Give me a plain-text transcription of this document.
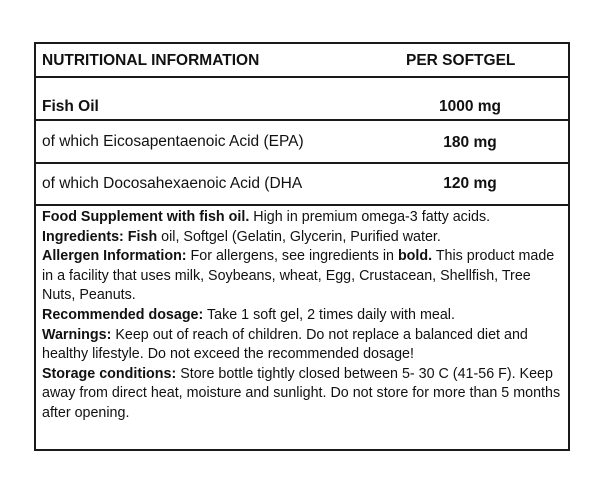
NUTRITIONAL INFORMATION	PER SOFTGEL
Fish Oil	1000 mg
of which Eicosapentaenoic Acid (EPA)	180 mg
of which Docosahexaenoic Acid (DHA	120 mg

Food Supplement with fish oil. High in premium omega-3 fatty acids.

Ingredients: Fish oil, Softgel (Gelatin, Glycerin, Purified water.

Allergen Information: For allergens, see ingredients in bold. This product made in a facility that uses milk, Soybeans, wheat, Egg, Crustacean, Shellfish, Tree Nuts, Peanuts.

Recommended dosage: Take 1 soft gel, 2 times daily with meal.

Warnings: Keep out of reach of children. Do not replace a balanced diet and healthy lifestyle. Do not exceed the recommended dosage!

Storage conditions: Store bottle tightly closed between 5- 30 C (41-56 F). Keep away from direct heat, moisture and sunlight. Do not store for more than 5 months after opening.
